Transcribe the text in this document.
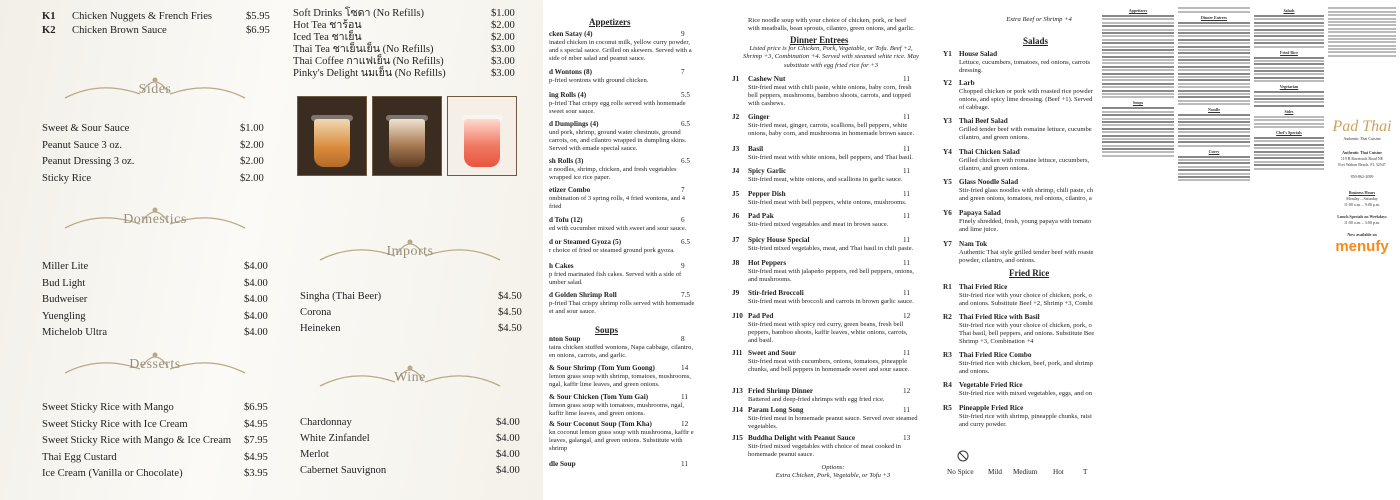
K1 Chicken Nuggets & French Fries	$5.95
K2 Chicken Brown Sauce	$6.95
Soft Drinks โซดา (No Refills)	$1.00
Hot Tea ชาร้อน	$2.00
Iced Tea ชาเย็น	$2.00
Thai Tea ชาเย็นเย็น (No Refills)	$3.00
Thai Coffee กาแฟเย็น (No Refills)	$3.00
Pinky's Delight นมเย็น (No Refills)	$3.00
Sides
Sweet & Sour Sauce	$1.00
Peanut Sauce 3 oz.	$2.00
Peanut Dressing 3 oz.	$2.00
Sticky Rice	$2.00
Domestics
Miller Lite	$4.00
Bud Light	$4.00
Budweiser	$4.00
Yuengling	$4.00
Michelob Ultra	$4.00
Imports
Singha (Thai Beer)	$4.50
Corona	$4.50
Heineken	$4.50
Desserts
Sweet Sticky Rice with Mango	$6.95
Sweet Sticky Rice with Ice Cream	$4.95
Sweet Sticky Rice with Mango & Ice Cream $7.95
Thai Egg Custard	$4.95
Ice Cream (Vanilla or Chocolate)	$3.95
Wine
Chardonnay	$4.00
White Zinfandel	$4.00
Merlot	$4.00
Cabernet Sauvignon	$4.00
Appetizers
cken Satay (4)	9
inated chicken in coconut milk, yellow curry powder, and s special sauce. Grilled on skewers. Served with a side of mber salad and peanut sauce.
d Wontons (8)	7
p-fried wontons with ground chicken.
ing Rolls (4)	5.5
p-fried Thai crispy egg rolls served with homemade sweet sour sauce.
d Dumplings (4)	6.5
und pork, shrimp, ground water chestnuts, ground carrots, on, and cilantro wrapped in dumpling skins. Served with emade special sauce.
sh Rolls (3)	6.5
e noodles, shrimp, chicken, and fresh vegetables wrapped ice rice paper.
etizer Combo	7
ombination of 3 spring rolls, 4 fried wontons, and 4 fried
d Tofu (12)	6
ed with cucumber mixed with sweet and sour sauce.
d or Steamed Gyoza (5)	6.5
r choice of fried or steamed ground pork gyoza.
h Cakes	9
p fried marinated fish cakes. Served with a side of umber salad.
d Golden Shrimp Roll	7.5
p-fried Thai crispy shrimp rolls served with homemade et and sour sauce.
Soups
nton Soup	8
tains chicken stuffed wontons, Napa cabbage, cilantro, en onions, carrots, and garlic.
& Sour Shrimp (Tom Yum Goong)	14
lemon grass soup with shrimp, tomatoes, mushrooms, ngal, kaffir lime leaves, and green onions.
& Sour Chicken (Tom Yum Gai)	11
lemon grass soup with tomatoes, mushrooms, ngal, kaffir lime leaves, and green onions.
& Sour Coconut Soup (Tom Kha)	12
kn coconut lemon grass soup with mushrooms, kaffir e leaves, galangal, and green onions. Substitute with shrimp
dle Soup	11
Rice noodle soup with your choice of chicken, pork, or beef with meatballs, bean sprouts, cilantro, green onions, and garlic.
Dinner Entrees
Listed price is for Chicken, Pork, Vegetable, or Tofu. Beef +2, Shrimp +3, Combination +4. Served with steamed white rice. May substitute with egg fried rice for +3
J1 Cashew Nut	11
Stir-fried meat with chili paste, white onions, baby corn, fresh bell peppers, mushrooms, bamboo shoots, carrots, and topped with cashews.
J2 Ginger	11
Stir-fried meat, ginger, carrots, scallions, bell peppers, white onions, baby corn, and mushrooms in homemade brown sauce.
J3 Basil	11
Stir-fried meat with white onions, bell peppers, and Thai basil.
J4 Spicy Garlic	11
Stir-fried meat, white onions, and scallions in garlic sauce.
J5 Pepper Dish	11
Stir-fried meat with bell peppers, white onions, mushrooms.
J6 Pad Pak	11
Stir-fried mixed vegetables and meat in brown sauce.
J7 Spicy House Special	11
Stir-fried mixed vegetables, meat, and Thai basil in chili paste.
J8 Hot Peppers	11
Stir-fried meat with jalapeño peppers, red bell peppers, onions, and mushrooms.
J9 Stir-fried Broccoli	11
Stir-fried meat with broccoli and carrots in brown garlic sauce.
J10 Pad Ped	12
Stir-fried meat with spicy red curry, green beans, fresh bell peppers, bamboo shoots, kaffir leaves, white onions, carrots, and basil.
J11 Sweet and Sour	11
Stir-fried meat with cucumbers, onions, tomatoes, pineapple chunks, and bell peppers in homemade sweet and sour sauce.
J13 Fried Shrimp Dinner	12
Battered and deep-fried shrimps with egg fried rice.
J14 Param Long Song	11
Stir-fried meat in homemade peanut sauce. Served over steamed vegetables.
J15 Buddha Delight with Peanut Sauce	13
Stir-fried mixed vegetables with choice of meat cooked in homemade peanut sauce.
Options:
Extra Chicken, Pork, Vegetable, or Tofu +3
Extra Beef or Shrimp +4
Salads
Y1 House Salad
Lettuce, cucumbers, tomatoes, red onions, carrots dressing.
Y2 Larb
Chopped chicken or pork with roasted rice powder onions, and spicy lime dressing. (Beef +1). Served of cabbage.
Y3 Thai Beef Salad
Grilled tender beef with romaine lettuce, cucumbe cilantro, and green onions.
Y4 Thai Chicken Salad
Grilled chicken with romaine lettuce, cucumbers, cilantro, and green onions.
Y5 Glass Noodle Salad
Stir-fried glass noodles with shrimp, chili paste, ch and green onions, tomatoes, red onions, cilantro, a
Y6 Papaya Salad
Finely shredded, fresh, young papaya with tomato and lime juice.
Y7 Nam Tok
Authentic Thai style grilled tender beef with roaste powder, cilantro, and onions.
Fried Rice
R1 Thai Fried Rice
Stir-fried rice with your choice of chicken, pork, o and onions. Substitute Beef +2, Shrimp +3, Combi
R2 Thai Fried Rice with Basil
Stir-fried rice with your choice of chicken, pork, o Thai basil, bell peppers, and onions. Substitute Bee Shrimp +3, Combination +4
R3 Thai Fried Rice Combo
Stir-fried rice with chicken, beef, pork, and shrimp and onions.
R4 Vegetable Fried Rice
Stir-fried rice with mixed vegetables, eggs, and on
R5 Pineapple Fried Rice
Stir-fried rice with shrimp, pineapple chunks, raisi and curry powder.
No Spice Mild Medium Hot	T
Appetizers
Soups
Dinner Entrees
Noodle
Curry
Salads
Fried Rice
Vegetarian
Sides
Chef's Specials	Pad Thai
Authentic Thai Cuisine
Authentic Thai Cuisine
119 B Racetrack Road NE
Fort Walton Beach, FL 32547
850-862-2099
Business Hours
Monday – Saturday
11:00 a.m. – 9:00 p.m.
Lunch Specials on Weekdays
11:00 a.m. – 3:00 p.m.
Now available on
menufy
